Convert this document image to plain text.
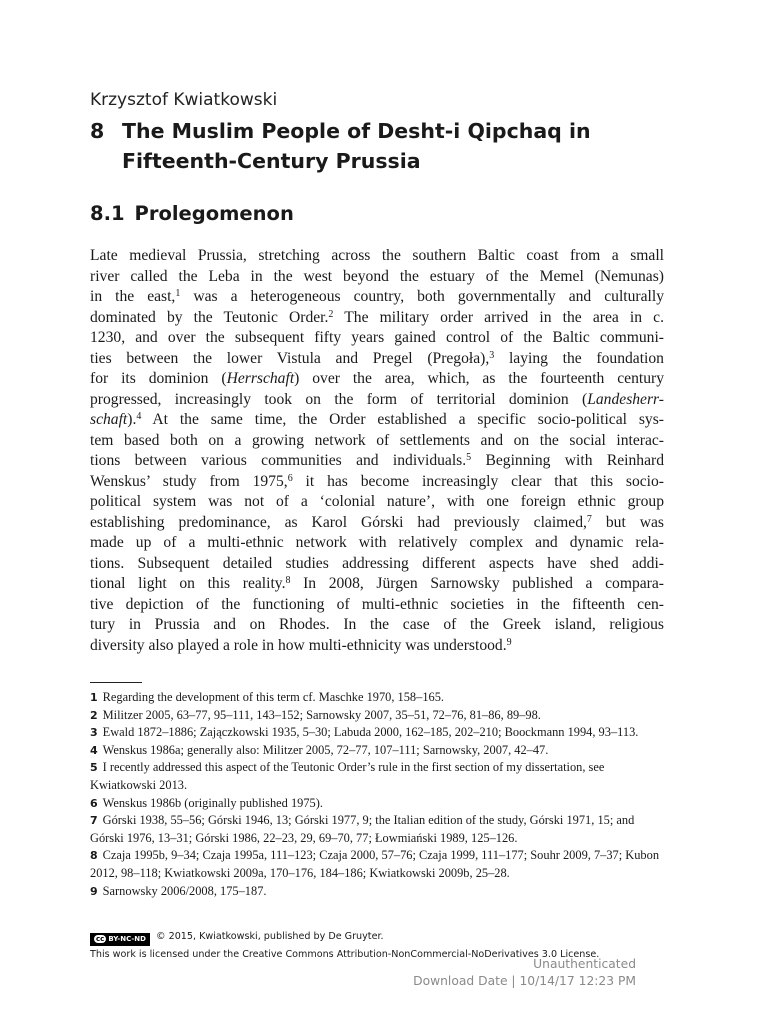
Krzysztof Kwiatkowski

8 The Muslim People of Desht-i Qipchaq in
Fifteenth-Century Prussia
8.1 Prolegomenon
Late medieval Prussia, stretching across the southern Baltic coast from a small
river called the Leba in the west beyond the estuary of the Memel (Nemunas)
in the east,$^1$ was a heterogeneous country, both governmentally and culturally
dominated by the Teutonic Order.$^2$ The military order arrived in the area in c.
1230, and over the subsequent fifty years gained control of the Baltic communi-
ties between the lower Vistula and Pregel (Pregoła),$^3$ laying the foundation
for its dominion (Herrschaft) over the area, which, as the fourteenth century
progressed, increasingly took on the form of territorial dominion (Landesherr-
schaft).$^4$ At the same time, the Order established a specific socio-political sys-
tem based both on a growing network of settlements and on the social interac-
tions between various communities and individuals.$^5$ Beginning with Reinhard
Wenskus’ study from 1975,$^6$ it has become increasingly clear that this socio-
political system was not of a ‘colonial nature’, with one foreign ethnic group
establishing predominance, as Karol Górski had previously claimed,$^7$ but was
made up of a multi-ethnic network with relatively complex and dynamic rela-
tions. Subsequent detailed studies addressing different aspects have shed addi-
tional light on this reality.$^8$ In 2008, Jürgen Sarnowsky published a compara-
tive depiction of the functioning of multi-ethnic societies in the fifteenth cen-
tury in Prussia and on Rhodes. In the case of the Greek island, religious
diversity also played a role in how multi-ethnicity was understood.$^9$

1 Regarding the development of this term cf. Maschke 1970, 158–165.

2 Militzer 2005, 63–77, 95–111, 143–152; Sarnowsky 2007, 35–51, 72–76, 81–86, 89–98.

3 Ewald 1872–1886; Zajączkowski 1935, 5–30; Labuda 2000, 162–185, 202–210; Boockmann 1994, 93–113.

4 Wenskus 1986a; generally also: Militzer 2005, 72–77, 107–111; Sarnowsky, 2007, 42–47.

5 I recently addressed this aspect of the Teutonic Order’s rule in the first section of my dissertation, see Kwiatkowski 2013.

6 Wenskus 1986b (originally published 1975).

7 Górski 1938, 55–56; Górski 1946, 13; Górski 1977, 9; the Italian edition of the study, Górski 1971, 15; and Górski 1976, 13–31; Górski 1986, 22–23, 29, 69–70, 77; Łowmiański 1989, 125–126.

8 Czaja 1995b, 9–34; Czaja 1995a, 111–123; Czaja 2000, 57–76; Czaja 1999, 111–177; Souhr 2009, 7–37; Kubon 2012, 98–118; Kwiatkowski 2009a, 170–176, 184–186; Kwiatkowski 2009b, 25–28.

9 Sarnowsky 2006/2008, 175–187.

cc BY-NC-ND © 2015, Kwiatkowski, published by De Gruyter.
This work is licensed under the Creative Commons Attribution-NonCommercial-NoDerivatives 3.0 License.
Unauthenticated
Download Date | 10/14/17 12:23 PM
